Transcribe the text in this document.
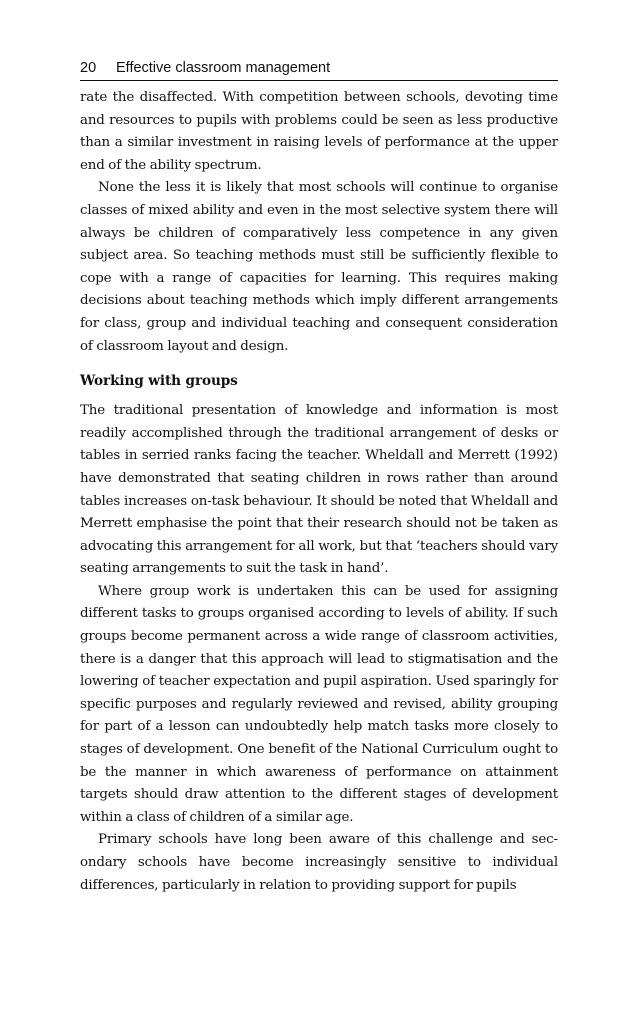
20 Effective classroom management

rate the disaffected. With competition between schools, devoting time and resources to pupils with problems could be seen as less productive than a similar investment in raising levels of performance at the upper end of the ability spectrum.

None the less it is likely that most schools will continue to organise classes of mixed ability and even in the most selective system there will always be children of comparatively less competence in any given subject area. So teaching methods must still be sufficiently flexible to cope with a range of capacities for learning. This requires making decisions about teaching methods which imply different arrangements for class, group and individual teaching and consequent consideration of classroom layout and design.

Working with groups

The traditional presentation of knowledge and information is most readily accomplished through the traditional arrangement of desks or tables in serried ranks facing the teacher. Wheldall and Merrett (1992) have demonstrated that seating children in rows rather than around tables increases on-task behaviour. It should be noted that Wheldall and Merrett emphasise the point that their research should not be taken as advocating this arrangement for all work, but that ‘teachers should vary seating arrangements to suit the task in hand’.

Where group work is undertaken this can be used for assigning different tasks to groups organised according to levels of ability. If such groups become permanent across a wide range of classroom activities, there is a danger that this approach will lead to stigmatisation and the lowering of teacher expectation and pupil aspiration. Used sparingly for specific purposes and regularly reviewed and revised, ability grouping for part of a lesson can undoubtedly help match tasks more closely to stages of development. One benefit of the National Curriculum ought to be the manner in which awareness of performance on attainment targets should draw attention to the different stages of development within a class of children of a similar age.

Primary schools have long been aware of this challenge and secondary schools have become increasingly sensitive to individual differences, particularly in relation to providing support for pupils
